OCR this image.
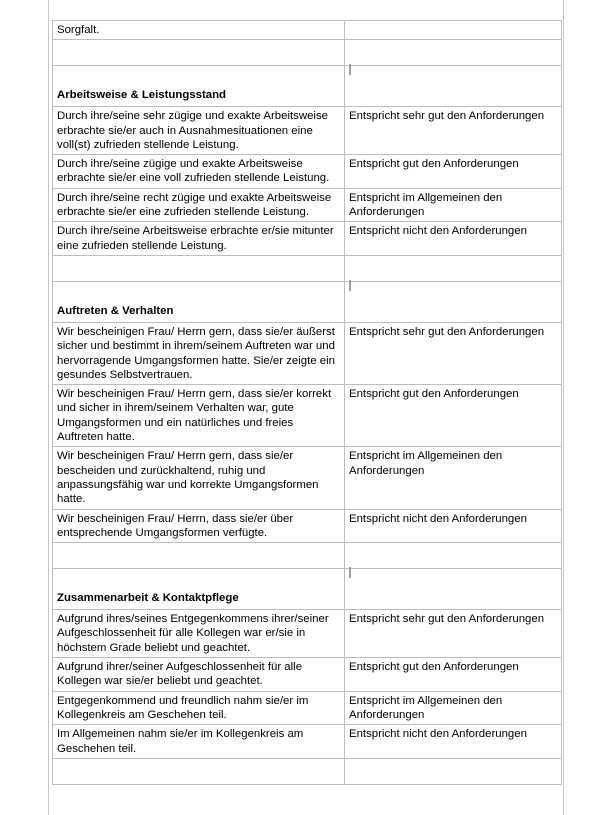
Sorgfalt.	

Arbeitsweise & Leistungsstand	
Durch ihre/seine sehr zügige und exakte Arbeitsweise erbrachte sie/er auch in Ausnahmesituationen eine voll(st) zufrieden stellende Leistung.	Entspricht sehr gut den Anforderungen
Durch ihre/seine zügige und exakte Arbeitsweise erbrachte sie/er eine voll zufrieden stellende Leistung.	Entspricht gut den Anforderungen
Durch ihre/seine recht zügige und exakte Arbeitsweise erbrachte sie/er eine zufrieden stellende Leistung.	Entspricht im Allgemeinen den Anforderungen
Durch ihre/seine Arbeitsweise erbrachte er/sie mitunter eine zufrieden stellende Leistung.	Entspricht nicht den Anforderungen

Auftreten & Verhalten	
Wir bescheinigen Frau/ Herrn gern, dass sie/er äußerst sicher und bestimmt in ihrem/seinem Auftreten war und hervorragende Umgangsformen hatte. Sie/er zeigte ein gesundes Selbstvertrauen.	Entspricht sehr gut den Anforderungen
Wir bescheinigen Frau/ Herrn gern, dass sie/er korrekt und sicher in ihrem/seinem Verhalten war, gute Umgangsformen und ein natürliches und freies Auftreten hatte.	Entspricht gut den Anforderungen
Wir bescheinigen Frau/ Herrn gern, dass sie/er bescheiden und zurückhaltend, ruhig und anpassungsfähig war und korrekte Umgangsformen hatte.	Entspricht im Allgemeinen den Anforderungen
Wir bescheinigen Frau/ Herrn, dass sie/er über entsprechende Umgangsformen verfügte.	Entspricht nicht den Anforderungen

Zusammenarbeit & Kontaktpflege	
Aufgrund ihres/seines Entgegenkommens ihrer/seiner Aufgeschlossenheit für alle Kollegen war er/sie in höchstem Grade beliebt und geachtet.	Entspricht sehr gut den Anforderungen
Aufgrund ihrer/seiner Aufgeschlossenheit für alle Kollegen war sie/er beliebt und geachtet.	Entspricht gut den Anforderungen
Entgegenkommend und freundlich nahm sie/er im Kollegenkreis am Geschehen teil.	Entspricht im Allgemeinen den Anforderungen
Im Allgemeinen nahm sie/er im Kollegenkreis am Geschehen teil.	Entspricht nicht den Anforderungen
